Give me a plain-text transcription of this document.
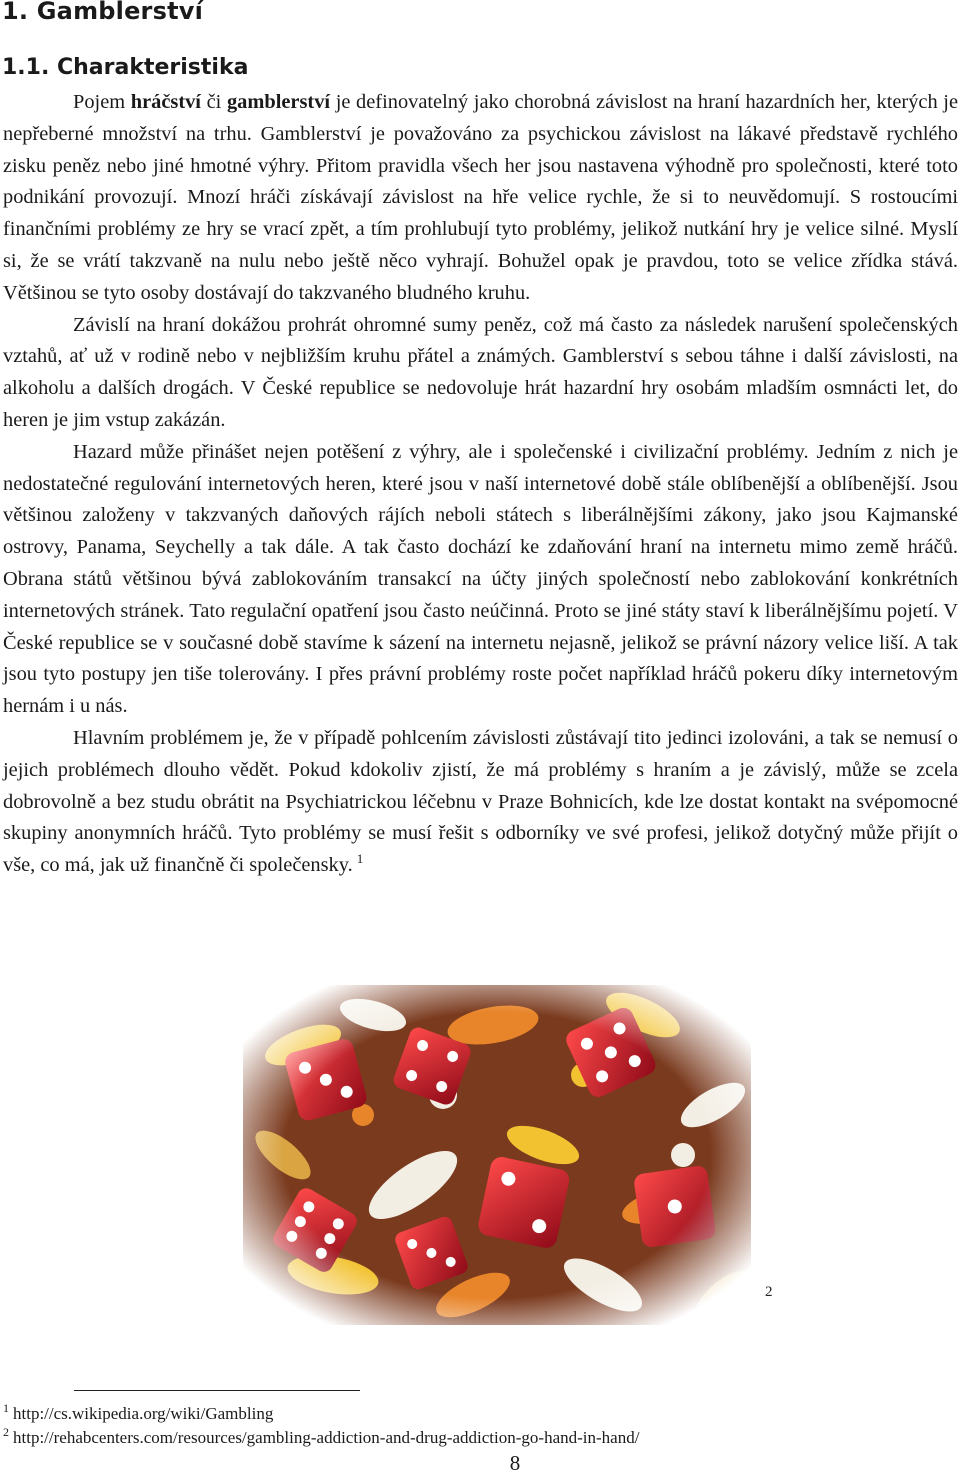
1. Gamblerství
1.1. Charakteristika

Pojem hráčství či gamblerství je definovatelný jako chorobná závislost na hraní hazardních her, kterých je nepřeberné množství na trhu. Gamblerství je považováno za psychickou závislost na lákavé představě rychlého zisku peněz nebo jiné hmotné výhry. Přitom pravidla všech her jsou nastavena výhodně pro společnosti, které toto podnikání provozují. Mnozí hráči získávají závislost na hře velice rychle, že si to neuvědomují. S rostoucími finančními problémy ze hry se vrací zpět, a tím prohlubují tyto problémy, jelikož nutkání hry je velice silné. Myslí si, že se vrátí takzvaně na nulu nebo ještě něco vyhrají. Bohužel opak je pravdou, toto se velice zřídka stává. Většinou se tyto osoby dostávají do takzvaného bludného kruhu.

Závislí na hraní dokážou prohrát ohromné sumy peněz, což má často za následek narušení společenských vztahů, ať už v rodině nebo v nejbližším kruhu přátel a známých. Gamblerství s sebou táhne i další závislosti, na alkoholu a dalších drogách. V České republice se nedovoluje hrát hazardní hry osobám mladším osmnácti let, do heren je jim vstup zakázán.

Hazard může přinášet nejen potěšení z výhry, ale i společenské i civilizační problémy. Jedním z nich je nedostatečné regulování internetových heren, které jsou v naší internetové době stále oblíbenější a oblíbenější. Jsou většinou založeny v takzvaných daňových rájích neboli státech s liberálnějšími zákony, jako jsou Kajmanské ostrovy, Panama, Seychelly a tak dále. A tak často dochází ke zdaňování hraní na internetu mimo země hráčů. Obrana států většinou bývá zablokováním transakcí na účty jiných společností nebo zablokování konkrétních internetových stránek. Tato regulační opatření jsou často neúčinná. Proto se jiné státy staví k liberálnějšímu pojetí. V České republice se v současné době stavíme k sázení na internetu nejasně, jelikož se právní názory velice liší. A tak jsou tyto postupy jen tiše tolerovány. I přes právní problémy roste počet například hráčů pokeru díky internetovým hernám i u nás.

Hlavním problémem je, že v případě pohlcením závislosti zůstávají tito jedinci izolováni, a tak se nemusí o jejich problémech dlouho vědět. Pokud kdokoliv zjistí, že má problémy s hraním a je závislý, může se zcela dobrovolně a bez studu obrátit na Psychiatrickou léčebnu v Praze Bohnicích, kde lze dostat kontakt na svépomocné skupiny anonymních hráčů. Tyto problémy se musí řešit s odborníky ve své profesi, jelikož dotyčný může přijít o vše, co má, jak už finančně či společensky. $^1$

2

$^1$ http://cs.wikipedia.org/wiki/Gambling

$^2$ http://rehabcenters.com/resources/gambling-addiction-and-drug-addiction-go-hand-in-hand/

8
